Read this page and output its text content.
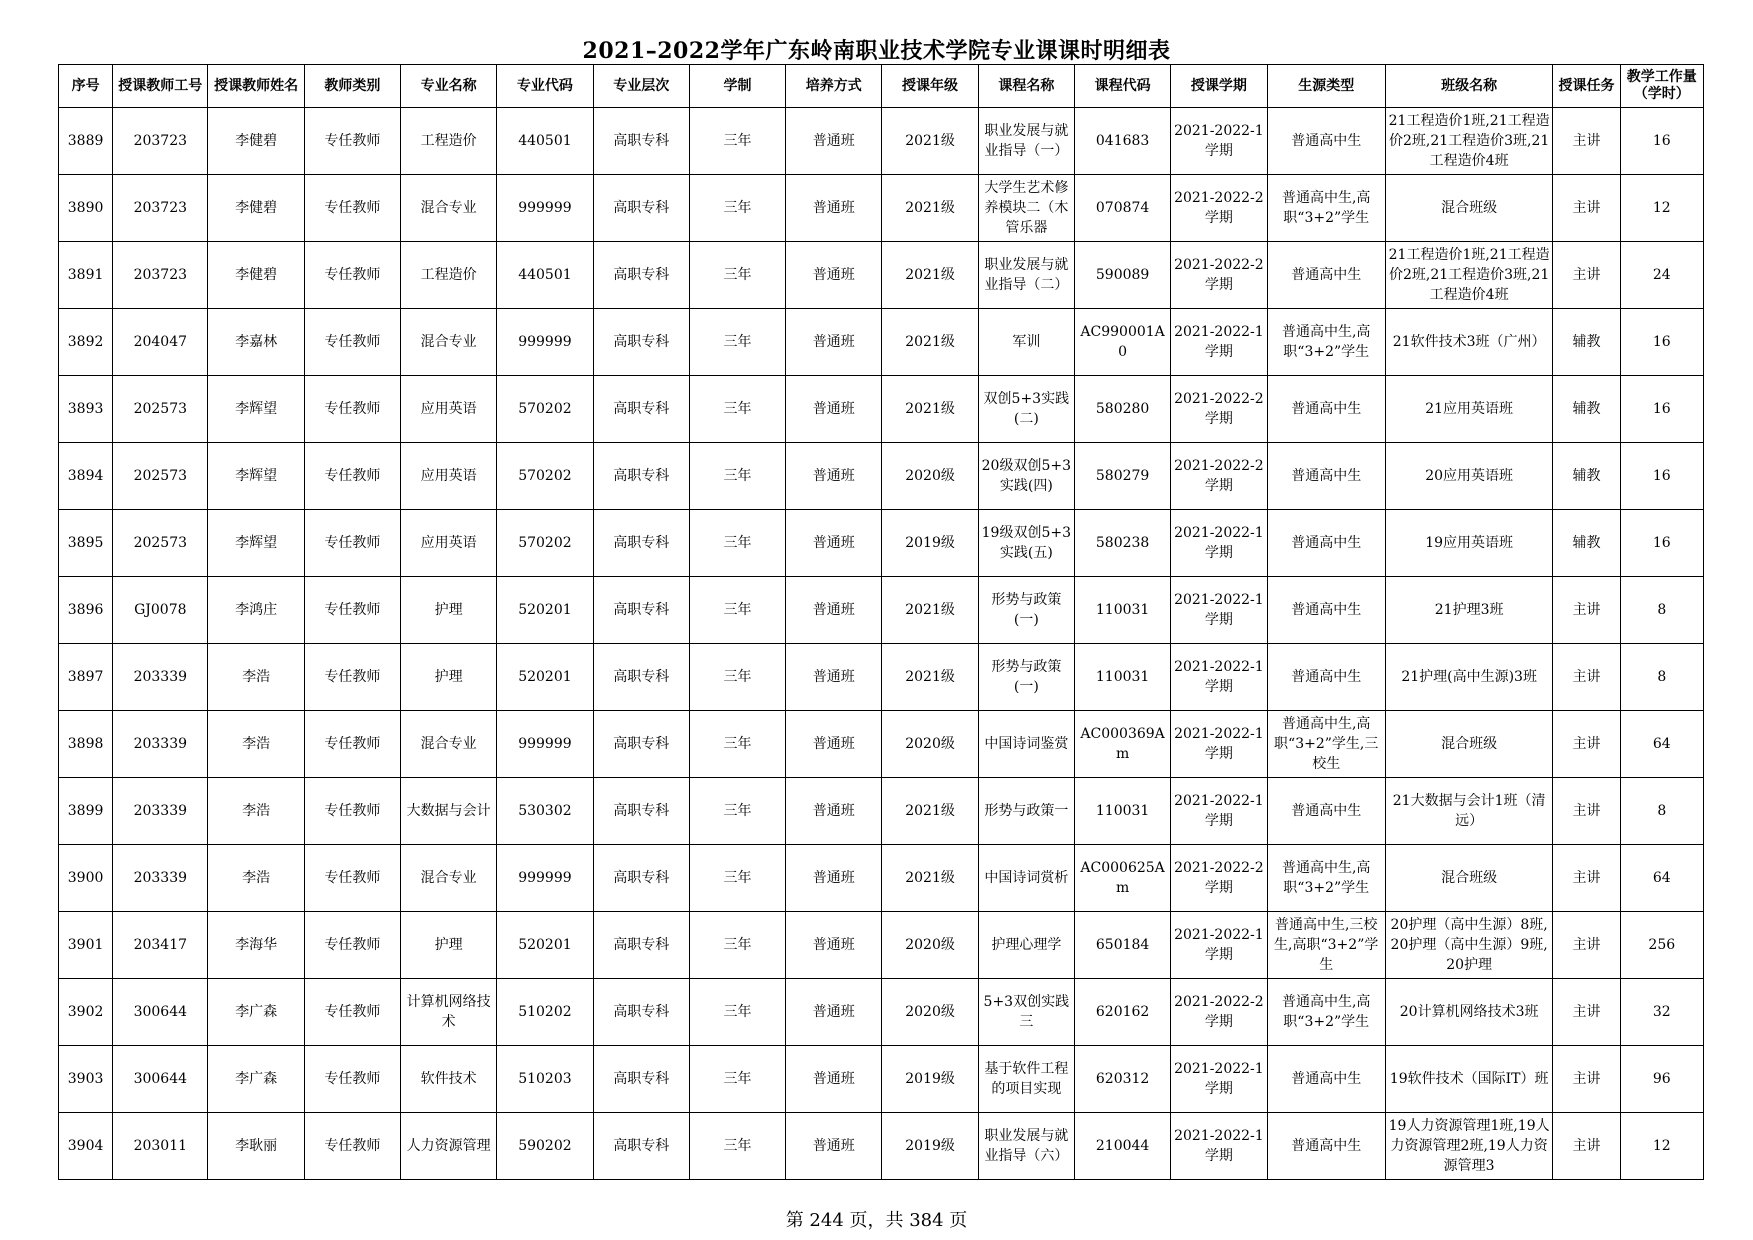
2021–2022学年广东岭南职业技术学院专业课课时明细表
序号	授课教师工号	授课教师姓名	教师类别	专业名称	专业代码	专业层次	学制	培养方式	授课年级	课程名称	课程代码	授课学期	生源类型	班级名称	授课任务	教学工作量（学时）

3889	203723	李健碧	专任教师	工程造价	440501	高职专科	三年	普通班	2021级	职业发展与就业指导（一）	041683	2021-2022-1学期	普通高中生	21工程造价1班,21工程造价2班,21工程造价3班,21工程造价4班	主讲	16

3890	203723	李健碧	专任教师	混合专业	999999	高职专科	三年	普通班	2021级	大学生艺术修养模块二（木管乐器	070874	2021-2022-2学期	普通高中生,高职“3+2”学生	混合班级	主讲	12

3891	203723	李健碧	专任教师	工程造价	440501	高职专科	三年	普通班	2021级	职业发展与就业指导（二）	590089	2021-2022-2学期	普通高中生	21工程造价1班,21工程造价2班,21工程造价3班,21工程造价4班	主讲	24

3892	204047	李嘉林	专任教师	混合专业	999999	高职专科	三年	普通班	2021级	军训	AC990001A0	2021-2022-1学期	普通高中生,高职“3+2”学生	21软件技术3班（广州）	辅教	16

3893	202573	李辉望	专任教师	应用英语	570202	高职专科	三年	普通班	2021级	双创5+3实践(二)	580280	2021-2022-2学期	普通高中生	21应用英语班	辅教	16

3894	202573	李辉望	专任教师	应用英语	570202	高职专科	三年	普通班	2020级	20级双创5+3实践(四)	580279	2021-2022-2学期	普通高中生	20应用英语班	辅教	16

3895	202573	李辉望	专任教师	应用英语	570202	高职专科	三年	普通班	2019级	19级双创5+3实践(五)	580238	2021-2022-1学期	普通高中生	19应用英语班	辅教	16

3896	GJ0078	李鸿庄	专任教师	护理	520201	高职专科	三年	普通班	2021级	形势与政策(一)	110031	2021-2022-1学期	普通高中生	21护理3班	主讲	8

3897	203339	李浩	专任教师	护理	520201	高职专科	三年	普通班	2021级	形势与政策(一)	110031	2021-2022-1学期	普通高中生	21护理(高中生源)3班	主讲	8

3898	203339	李浩	专任教师	混合专业	999999	高职专科	三年	普通班	2020级	中国诗词鉴赏	AC000369Am	2021-2022-1学期	普通高中生,高职“3+2”学生,三校生	混合班级	主讲	64

3899	203339	李浩	专任教师	大数据与会计	530302	高职专科	三年	普通班	2021级	形势与政策一	110031	2021-2022-1学期	普通高中生	21大数据与会计1班（清远）	主讲	8

3900	203339	李浩	专任教师	混合专业	999999	高职专科	三年	普通班	2021级	中国诗词赏析	AC000625Am	2021-2022-2学期	普通高中生,高职“3+2”学生	混合班级	主讲	64

3901	203417	李海华	专任教师	护理	520201	高职专科	三年	普通班	2020级	护理心理学	650184	2021-2022-1学期	普通高中生,三校生,高职“3+2”学生	20护理（高中生源）8班,20护理（高中生源）9班,20护理	主讲	256

3902	300644	李广森	专任教师	计算机网络技术	510202	高职专科	三年	普通班	2020级	5+3双创实践三	620162	2021-2022-2学期	普通高中生,高职“3+2”学生	20计算机网络技术3班	主讲	32

3903	300644	李广森	专任教师	软件技术	510203	高职专科	三年	普通班	2019级	基于软件工程的项目实现	620312	2021-2022-1学期	普通高中生	19软件技术（国际IT）班	主讲	96

3904	203011	李耿丽	专任教师	人力资源管理	590202	高职专科	三年	普通班	2019级	职业发展与就业指导（六）	210044	2021-2022-1学期	普通高中生	19人力资源管理1班,19人力资源管理2班,19人力资源管理3	主讲	12
第 244 页，共 384 页
